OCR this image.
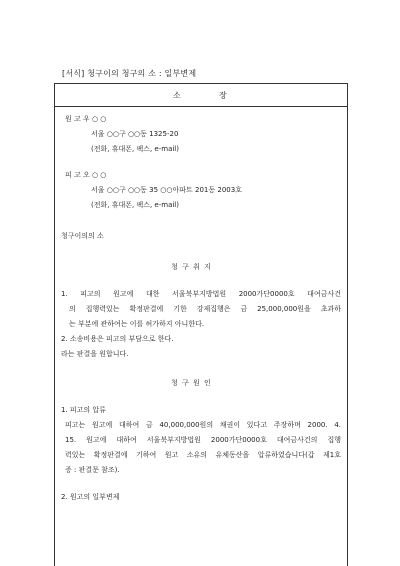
[서식] 청구이의 청구의 소 : 일부변제
소	장
원 고 우 ○ ○
서울 ○○구 ○○동 1325-20
(전화, 휴대폰, 팩스, e-mail)
피 고 오 ○ ○
서울 ○○구 ○○동 35 ○○아파트 201동 2003호
(전화, 휴대폰, 팩스, e-mail)
청구이의의 소
청 구 취 지
1. 피고의 원고에 대한 서울북부지방법원 2000가단0000호 대여금사건
의 집행력있는 확정판결에 기한 강제집행은 금 25,000,000원을 초과하
는 부분에 관하여는 이를 허가하지 아니한다.
2. 소송비용은 피고의 부담으로 한다.
라는 판결을 원합니다.
청 구 원 인
1. 피고의 압류
피고는 원고에 대하여 금 40,000,000원의 채권이 있다고 주장하며 2000. 4.
15. 원고에 대하여 서울북부지방법원 2000가단0000호 대여금사건의 집행
력있는 확정판결에 기하여 원고 소유의 유체동산을 압류하였습니다(갑 제1호
증 : 판결문 참조).
2. 원고의 일부변제
